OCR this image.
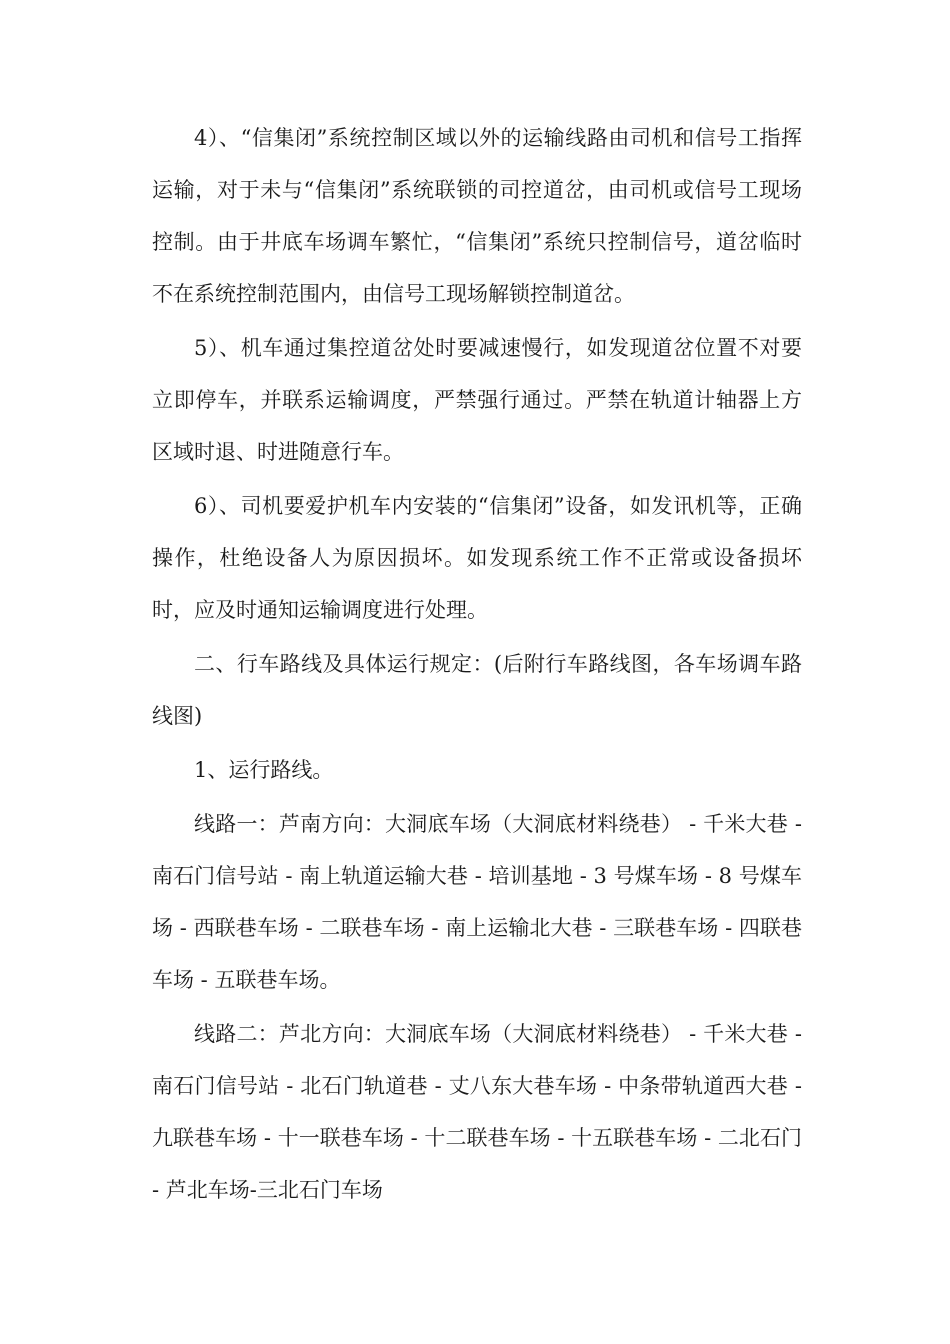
4）、“信集闭”系统控制区域以外的运输线路由司机和信号工指挥运输，对于未与“信集闭”系统联锁的司控道岔，由司机或信号工现场控制。由于井底车场调车繁忙，“信集闭”系统只控制信号，道岔临时不在系统控制范围内，由信号工现场解锁控制道岔。

5）、机车通过集控道岔处时要减速慢行，如发现道岔位置不对要立即停车，并联系运输调度，严禁强行通过。严禁在轨道计轴器上方区域时退、时进随意行车。

6）、司机要爱护机车内安装的“信集闭”设备，如发讯机等，正确操作，杜绝设备人为原因损坏。如发现系统工作不正常或设备损坏时，应及时通知运输调度进行处理。

二、行车路线及具体运行规定：(后附行车路线图，各车场调车路线图)

1、运行路线。

线路一：芦南方向：大洞底车场（大洞底材料绕巷） - 千米大巷 - 南石门信号站 - 南上轨道运输大巷 - 培训基地 - 3 号煤车场 - 8 号煤车场 - 西联巷车场 - 二联巷车场 - 南上运输北大巷 - 三联巷车场 - 四联巷车场 - 五联巷车场。

线路二：芦北方向：大洞底车场（大洞底材料绕巷） - 千米大巷 - 南石门信号站 - 北石门轨道巷 - 丈八东大巷车场 - 中条带轨道西大巷 - 九联巷车场 - 十一联巷车场 - 十二联巷车场 - 十五联巷车场 - 二北石门 - 芦北车场-三北石门车场
